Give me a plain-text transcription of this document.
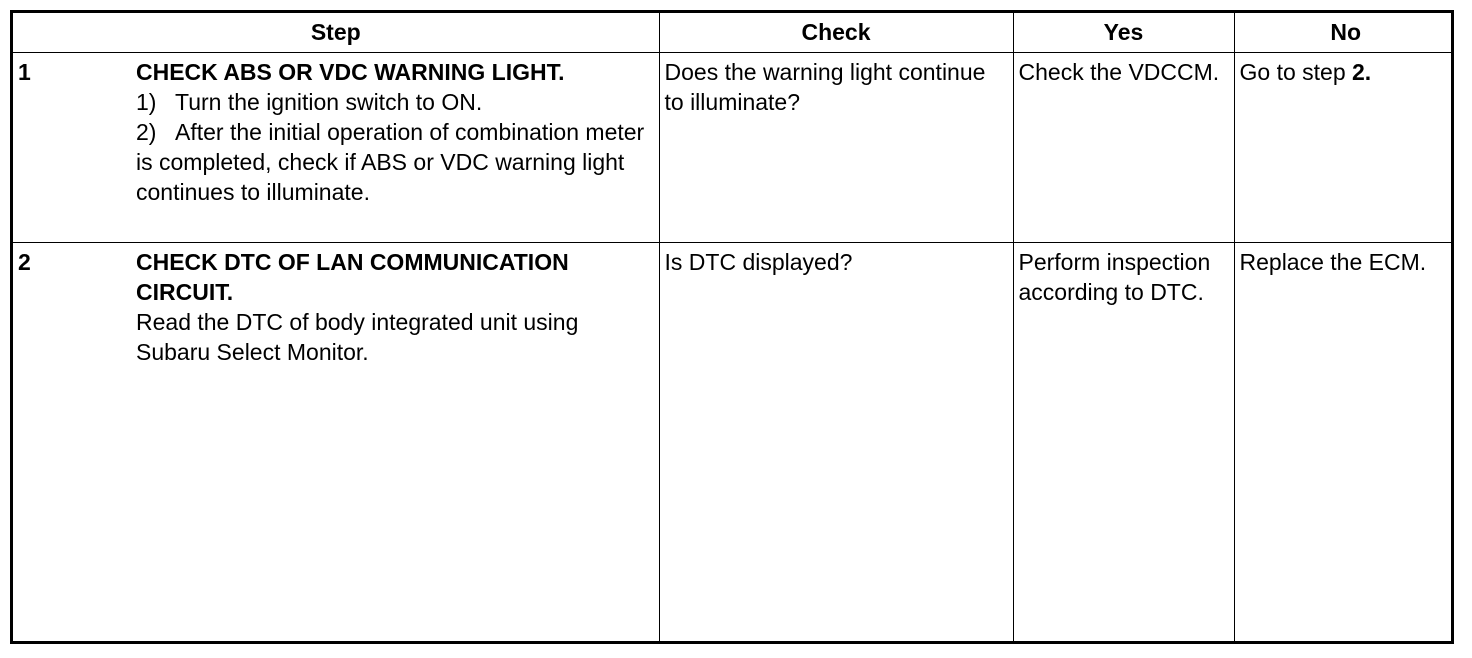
Step	Check	Yes	No

1 CHECK ABS OR VDC WARNING LIGHT.
1) Turn the ignition switch to ON.
2) After the initial operation of combination meter is completed, check if ABS or VDC warning light continues to illuminate.	Does the warning light continue to illuminate?	Check the VDCCM.	Go to step 2.

2 CHECK DTC OF LAN COMMUNICATION CIRCUIT.
Read the DTC of body integrated unit using Subaru Select Monitor.	Is DTC displayed?	Perform inspection according to DTC.	Replace the ECM.
